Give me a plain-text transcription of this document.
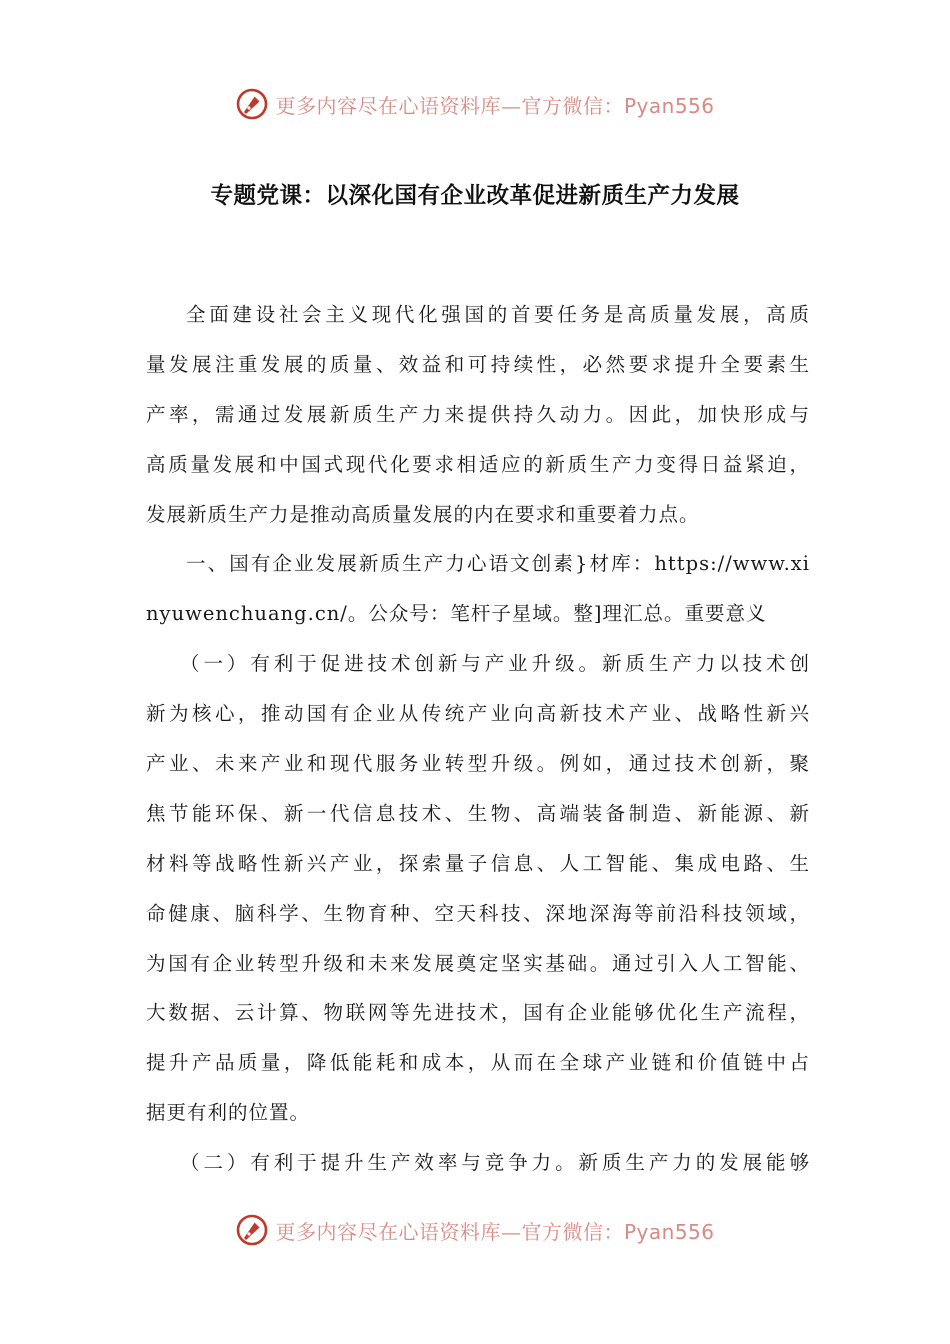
更多内容尽在心语资料库—官方微信：Pyan556
专题党课：以深化国有企业改革促进新质生产力发展
全面建设社会主义现代化强国的首要任务是高质量发展，高质
量发展注重发展的质量、效益和可持续性，必然要求提升全要素生
产率，需通过发展新质生产力来提供持久动力。因此，加快形成与
高质量发展和中国式现代化要求相适应的新质生产力变得日益紧迫，
发展新质生产力是推动高质量发展的内在要求和重要着力点。
一、国有企业发展新质生产力心语文创素}材库：https://www.xi
nyuwenchuang.cn/。公众号：笔杆子星域。整]理汇总。重要意义
（一）有利于促进技术创新与产业升级。新质生产力以技术创
新为核心，推动国有企业从传统产业向高新技术产业、战略性新兴
产业、未来产业和现代服务业转型升级。例如，通过技术创新，聚
焦节能环保、新一代信息技术、生物、高端装备制造、新能源、新
材料等战略性新兴产业，探索量子信息、人工智能、集成电路、生
命健康、脑科学、生物育种、空天科技、深地深海等前沿科技领域，
为国有企业转型升级和未来发展奠定坚实基础。通过引入人工智能、
大数据、云计算、物联网等先进技术，国有企业能够优化生产流程，
提升产品质量，降低能耗和成本，从而在全球产业链和价值链中占
据更有利的位置。
（二）有利于提升生产效率与竞争力。新质生产力的发展能够
更多内容尽在心语资料库—官方微信：Pyan556
